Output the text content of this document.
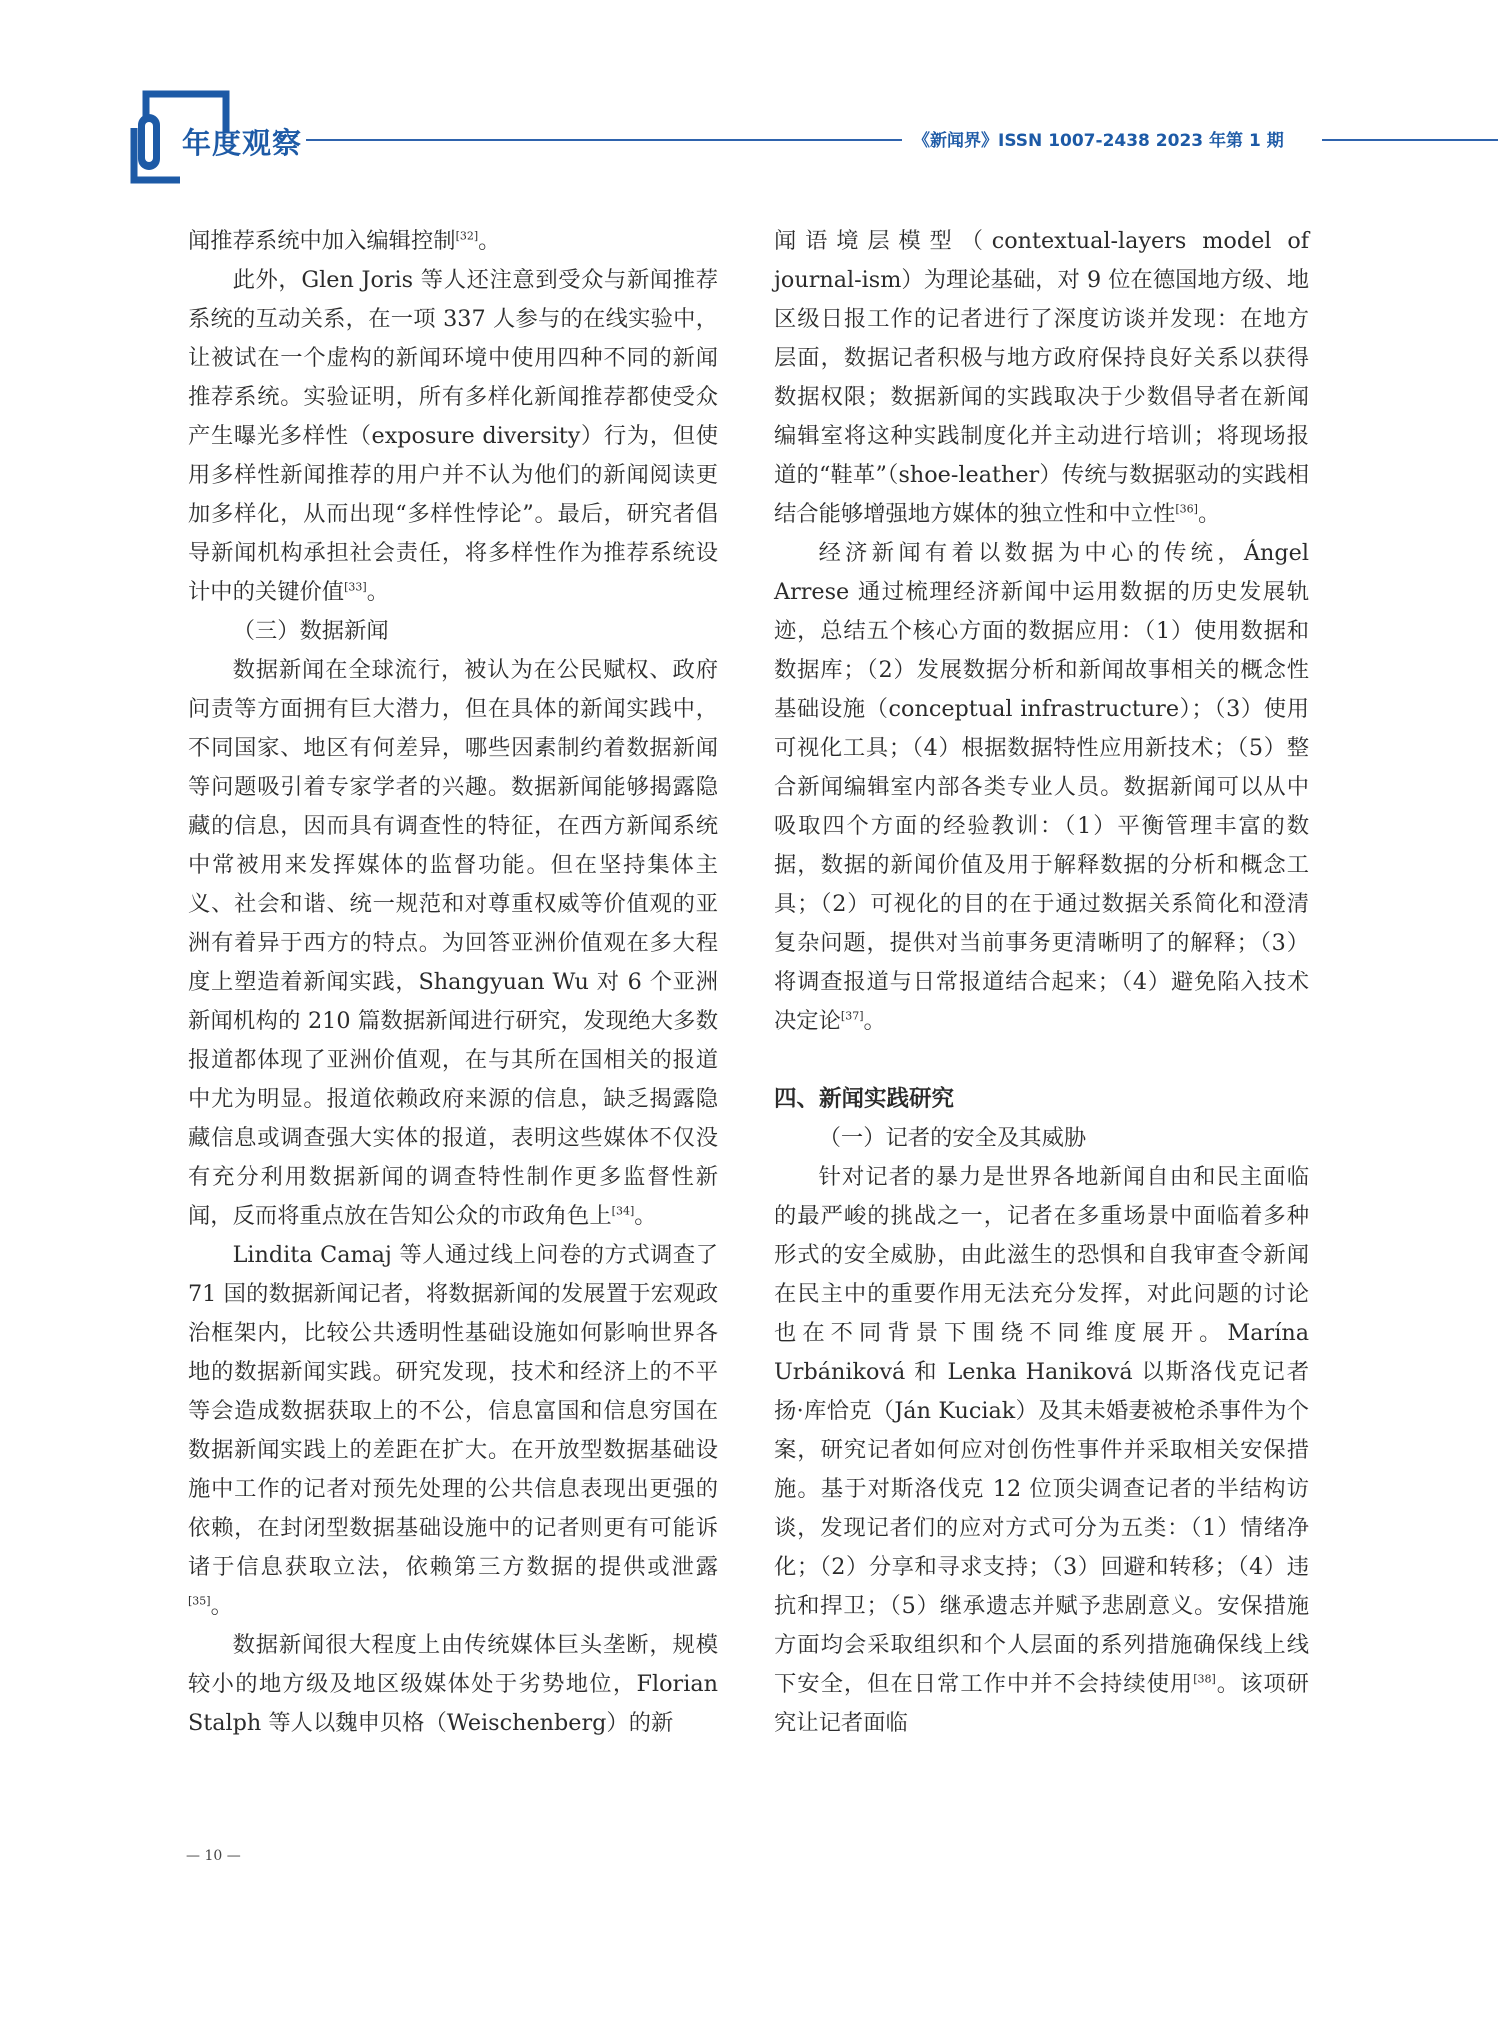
年度观察	《新闻界》ISSN 1007-2438 2023 年第 1 期

闻推荐系统中加入编辑控制[32]。

此外，Glen Joris 等人还注意到受众与新闻推荐系统的互动关系，在一项 337 人参与的在线实验中，让被试在一个虚构的新闻环境中使用四种不同的新闻推荐系统。实验证明，所有多样化新闻推荐都使受众产生曝光多样性（exposure diversity）行为，但使用多样性新闻推荐的用户并不认为他们的新闻阅读更加多样化，从而出现“多样性悖论”。最后，研究者倡导新闻机构承担社会责任，将多样性作为推荐系统设计中的关键价值[33]。

（三）数据新闻

数据新闻在全球流行，被认为在公民赋权、政府问责等方面拥有巨大潜力，但在具体的新闻实践中，不同国家、地区有何差异，哪些因素制约着数据新闻等问题吸引着专家学者的兴趣。数据新闻能够揭露隐藏的信息，因而具有调查性的特征，在西方新闻系统中常被用来发挥媒体的监督功能。但在坚持集体主义、社会和谐、统一规范和对尊重权威等价值观的亚洲有着异于西方的特点。为回答亚洲价值观在多大程度上塑造着新闻实践，Shangyuan Wu 对 6 个亚洲新闻机构的 210 篇数据新闻进行研究，发现绝大多数报道都体现了亚洲价值观，在与其所在国相关的报道中尤为明显。报道依赖政府来源的信息，缺乏揭露隐藏信息或调查强大实体的报道，表明这些媒体不仅没有充分利用数据新闻的调查特性制作更多监督性新闻，反而将重点放在告知公众的市政角色上[34]。

Lindita Camaj 等人通过线上问卷的方式调查了 71 国的数据新闻记者，将数据新闻的发展置于宏观政治框架内，比较公共透明性基础设施如何影响世界各地的数据新闻实践。研究发现，技术和经济上的不平等会造成数据获取上的不公，信息富国和信息穷国在数据新闻实践上的差距在扩大。在开放型数据基础设施中工作的记者对预先处理的公共信息表现出更强的依赖，在封闭型数据基础设施中的记者则更有可能诉诸于信息获取立法，依赖第三方数据的提供或泄露[35]。

数据新闻很大程度上由传统媒体巨头垄断，规模较小的地方级及地区级媒体处于劣势地位，Florian Stalph 等人以魏申贝格（Weischenberg）的新

闻语境层模型（contextual-layers model of journal-ism）为理论基础，对 9 位在德国地方级、地区级日报工作的记者进行了深度访谈并发现：在地方层面，数据记者积极与地方政府保持良好关系以获得数据权限；数据新闻的实践取决于少数倡导者在新闻编辑室将这种实践制度化并主动进行培训；将现场报道的“鞋革”（shoe-leather）传统与数据驱动的实践相结合能够增强地方媒体的独立性和中立性[36]。

经济新闻有着以数据为中心的传统，Ángel Arrese 通过梳理经济新闻中运用数据的历史发展轨迹，总结五个核心方面的数据应用：（1）使用数据和数据库；（2）发展数据分析和新闻故事相关的概念性基础设施（conceptual infrastructure）；（3）使用可视化工具；（4）根据数据特性应用新技术；（5）整合新闻编辑室内部各类专业人员。数据新闻可以从中吸取四个方面的经验教训：（1）平衡管理丰富的数据，数据的新闻价值及用于解释数据的分析和概念工具；（2）可视化的目的在于通过数据关系简化和澄清复杂问题，提供对当前事务更清晰明了的解释；（3）将调查报道与日常报道结合起来；（4）避免陷入技术决定论[37]。

四、新闻实践研究

（一）记者的安全及其威胁

针对记者的暴力是世界各地新闻自由和民主面临的最严峻的挑战之一，记者在多重场景中面临着多种形式的安全威胁，由此滋生的恐惧和自我审查令新闻在民主中的重要作用无法充分发挥，对此问题的讨论也在不同背景下围绕不同维度展开。Marína Urbániková 和 Lenka Haniková 以斯洛伐克记者扬·库恰克（Ján Kuciak）及其未婚妻被枪杀事件为个案，研究记者如何应对创伤性事件并采取相关安保措施。基于对斯洛伐克 12 位顶尖调查记者的半结构访谈，发现记者们的应对方式可分为五类：（1）情绪净化；（2）分享和寻求支持；（3）回避和转移；（4）违抗和捍卫；（5）继承遗志并赋予悲剧意义。安保措施方面均会采取组织和个人层面的系列措施确保线上线下安全，但在日常工作中并不会持续使用[38]。该项研究让记者面临

— 10 —
